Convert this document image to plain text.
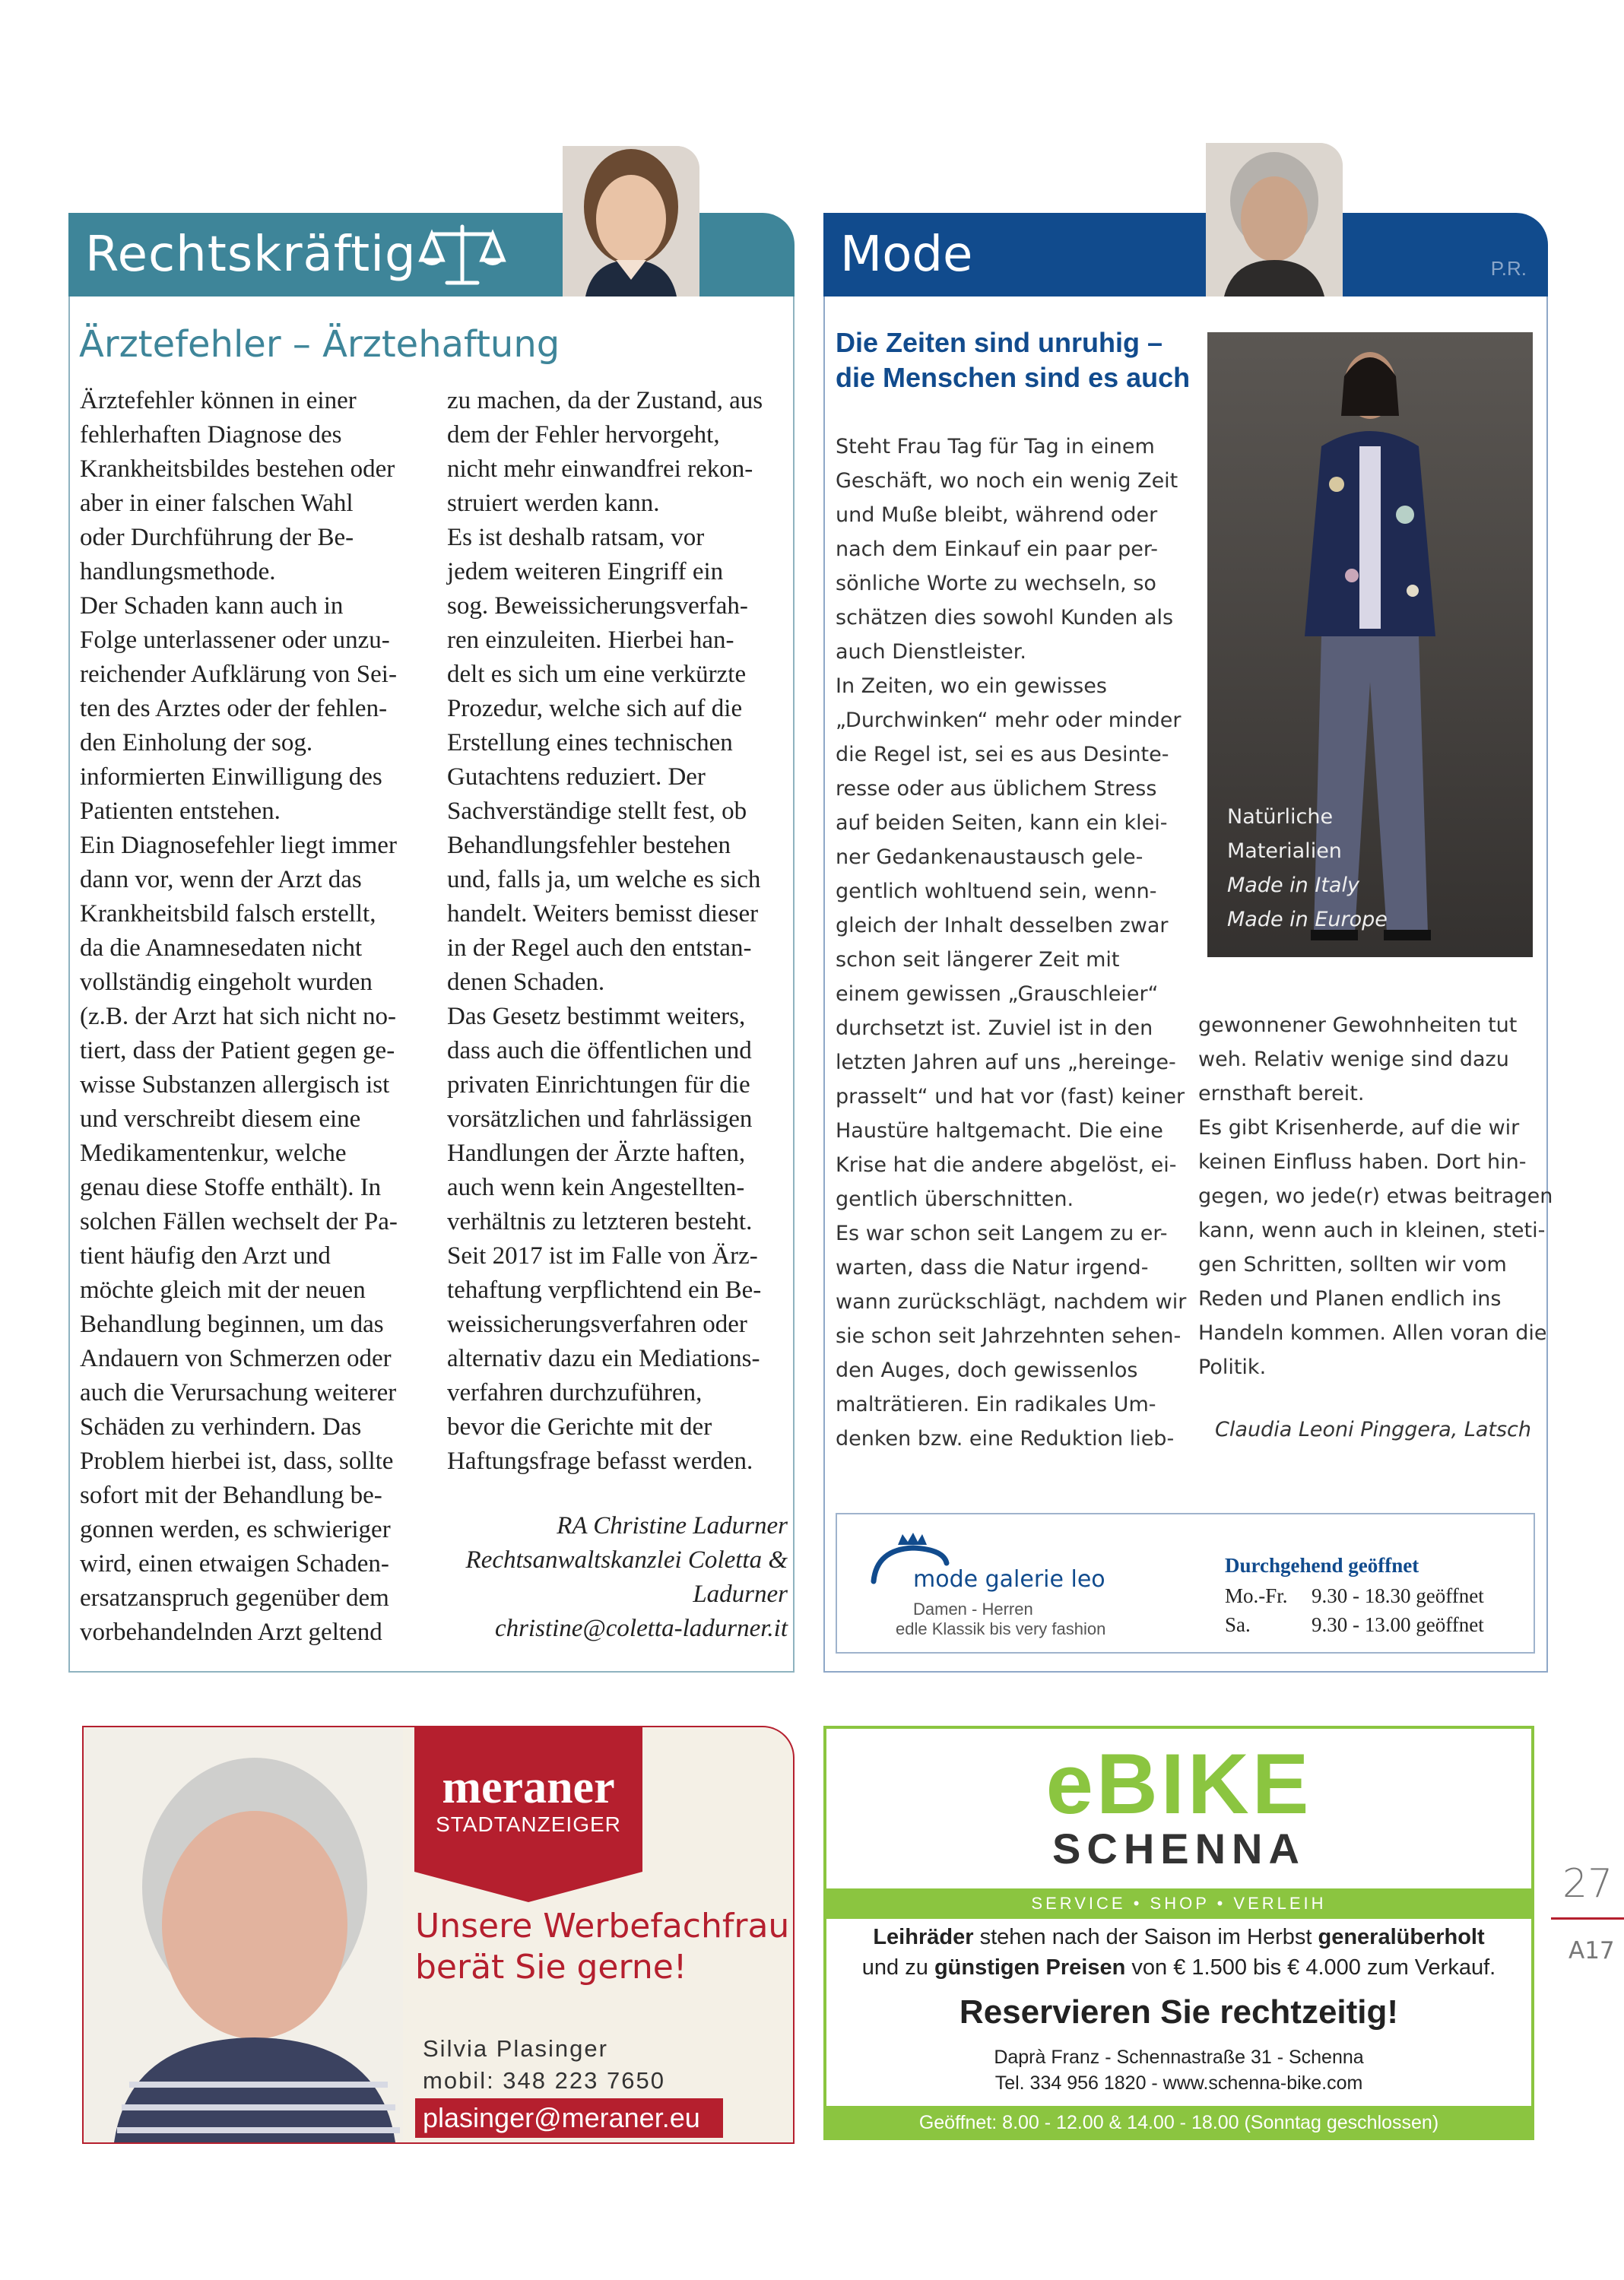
Rechtskräftig
Ärztefehler – Ärztehaftung
Ärztefehler können in einer
fehlerhaften Diagnose des
Krankheitsbildes bestehen oder
aber in einer falschen Wahl
oder Durchführung der Be-
handlungsmethode.
Der Schaden kann auch in
Folge unterlassener oder unzu-
reichender Aufklärung von Sei-
ten des Arztes oder der fehlen-
den Einholung der sog.
informierten Einwilligung des
Patienten entstehen.
Ein Diagnosefehler liegt immer
dann vor, wenn der Arzt das
Krankheitsbild falsch erstellt,
da die Anamnesedaten nicht
vollständig eingeholt wurden
(z.B. der Arzt hat sich nicht no-
tiert, dass der Patient gegen ge-
wisse Substanzen allergisch ist
und verschreibt diesem eine
Medikamentenkur, welche
genau diese Stoffe enthält). In
solchen Fällen wechselt der Pa-
tient häufig den Arzt und
möchte gleich mit der neuen
Behandlung beginnen, um das
Andauern von Schmerzen oder
auch die Verursachung weiterer
Schäden zu verhindern. Das
Problem hierbei ist, dass, sollte
sofort mit der Behandlung be-
gonnen werden, es schwieriger
wird, einen etwaigen Schaden-
ersatzanspruch gegenüber dem
vorbehandelnden Arzt geltend
zu machen, da der Zustand, aus
dem der Fehler hervorgeht,
nicht mehr einwandfrei rekon-
struiert werden kann.
Es ist deshalb ratsam, vor
jedem weiteren Eingriff ein
sog. Beweissicherungsverfah-
ren einzuleiten. Hierbei han-
delt es sich um eine verkürzte
Prozedur, welche sich auf die
Erstellung eines technischen
Gutachtens reduziert. Der
Sachverständige stellt fest, ob
Behandlungsfehler bestehen
und, falls ja, um welche es sich
handelt. Weiters bemisst dieser
in der Regel auch den entstan-
denen Schaden.
Das Gesetz bestimmt weiters,
dass auch die öffentlichen und
privaten Einrichtungen für die
vorsätzlichen und fahrlässigen
Handlungen der Ärzte haften,
auch wenn kein Angestellten-
verhältnis zu letzteren besteht.
Seit 2017 ist im Falle von Ärz-
tehaftung verpflichtend ein Be-
weissicherungsverfahren oder
alternativ dazu ein Mediations-
verfahren durchzuführen,
bevor die Gerichte mit der
Haftungsfrage befasst werden.
RA Christine Ladurner
Rechtsanwaltskanzlei Coletta &
Ladurner
christine@coletta-ladurner.it
Mode	P.R.
Die Zeiten sind unruhig –
die Menschen sind es auch
Steht Frau Tag für Tag in einem
Geschäft, wo noch ein wenig Zeit
und Muße bleibt, während oder
nach dem Einkauf ein paar per-
sönliche Worte zu wechseln, so
schätzen dies sowohl Kunden als
auch Dienstleister.
In Zeiten, wo ein gewisses
„Durchwinken“ mehr oder minder
die Regel ist, sei es aus Desinte-
resse oder aus üblichem Stress
auf beiden Seiten, kann ein klei-
ner Gedankenaustausch gele-
gentlich wohltuend sein, wenn-
gleich der Inhalt desselben zwar
schon seit längerer Zeit mit
einem gewissen „Grauschleier“
durchsetzt ist. Zuviel ist in den
letzten Jahren auf uns „hereinge-
prasselt“ und hat vor (fast) keiner
Haustüre haltgemacht. Die eine
Krise hat die andere abgelöst, ei-
gentlich überschnitten.
Es war schon seit Langem zu er-
warten, dass die Natur irgend-
wann zurückschlägt, nachdem wir
sie schon seit Jahrzehnten sehen-
den Auges, doch gewissenlos
malträtieren. Ein radikales Um-
denken bzw. eine Reduktion lieb-
Natürliche
Materialien
Made in Italy
Made in Europe
gewonnener Gewohnheiten tut
weh. Relativ wenige sind dazu
ernsthaft bereit.
Es gibt Krisenherde, auf die wir
keinen Einfluss haben. Dort hin-
gegen, wo jede(r) etwas beitragen
kann, wenn auch in kleinen, steti-
gen Schritten, sollten wir vom
Reden und Planen endlich ins
Handeln kommen. Allen voran die
Politik.
Claudia Leoni Pinggera, Latsch
mode galerie leo
Damen - Herren
edle Klassik bis very fashion
Durchgehend geöffnet
Mo.-Fr. 9.30 - 18.30 geöffnet
Sa.	9.30 - 13.00 geöffnet
meraner
STADTANZEIGER
Unsere Werbefachfrau
berät Sie gerne!
Silvia Plasinger
mobil: 348 223 7650
plasinger@meraner.eu
eBIKE
SCHENNA
SERVICE • SHOP • VERLEIH
Leihräder stehen nach der Saison im Herbst generalüberholt
und zu günstigen Preisen von € 1.500 bis € 4.000 zum Verkauf.
Reservieren Sie rechtzeitig!
Daprà Franz - Schennastraße 31 - Schenna
Tel. 334 956 1820 - www.schenna-bike.com
Geöffnet: 8.00 - 12.00 & 14.00 - 18.00 (Sonntag geschlossen)
27
A17
